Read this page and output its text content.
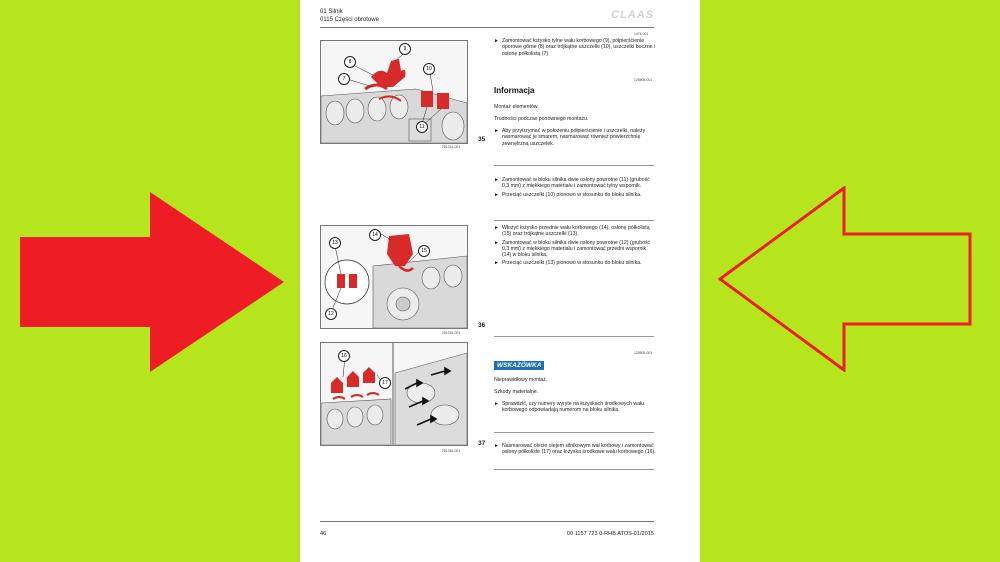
01 Silnik
0115 Części obrotowe	CLAAS
8
9
7
10
11
281314-001
35
13
14
15
12
281315-001
36
16
17
281316-001
37
1471-001
► Zamontować łożysko tylne wału korbowego (9), półpierścienie oporowe górne (8) oraz trójkątne uszczelki (10), uszczelki boczne i osłonę półkolistą (7).
125505-001
Informacja
Montaż elementów.
Trudności podczas ponownego montażu.
► Aby przytrzymać w położeniu półpierścienie i uszczelki, należy nasmarować je smarem, nasmarować również powierzchnię zewnętrzną uszczelek.
► Zamontować w bloku silnika dwie osłony powrotne (11) (grubość 0,3 mm) z miękkiego materiału i zamontować tylny wspornik.
► Przeciąć uszczelki (10) pionowo w stosunku do bloku silnika.
► Włożyć łożysko przednie wału korbowego (14), osłonę półkolistą (15) oraz trójkątne uszczelki (13).
► Zamontować w bloku silnika dwie osłony powrotne (12) (grubość 0,3 mm) z miękkiego materiału i zamontować przedni wspornik (14) w bloku silnika.
► Przeciąć uszczelki (13) pionowo w stosunku do bloku silnika.
125505-001
WSKAZÓWKA
Nieprawidłowy montaż.
Szkody materialne.
► Sprawdzić, czy numery wyryte na łożyskach środkowych wału korbowego odpowiadają numerom na bloku silnika.
► Nasmarować obicie olejem silnikowym wał korbowy i zamontować osłony półkoliste (17) oraz łożyska środkowe wału korbowego (16).
46	00 1157 723 0-RHB ATOS-01/2015
